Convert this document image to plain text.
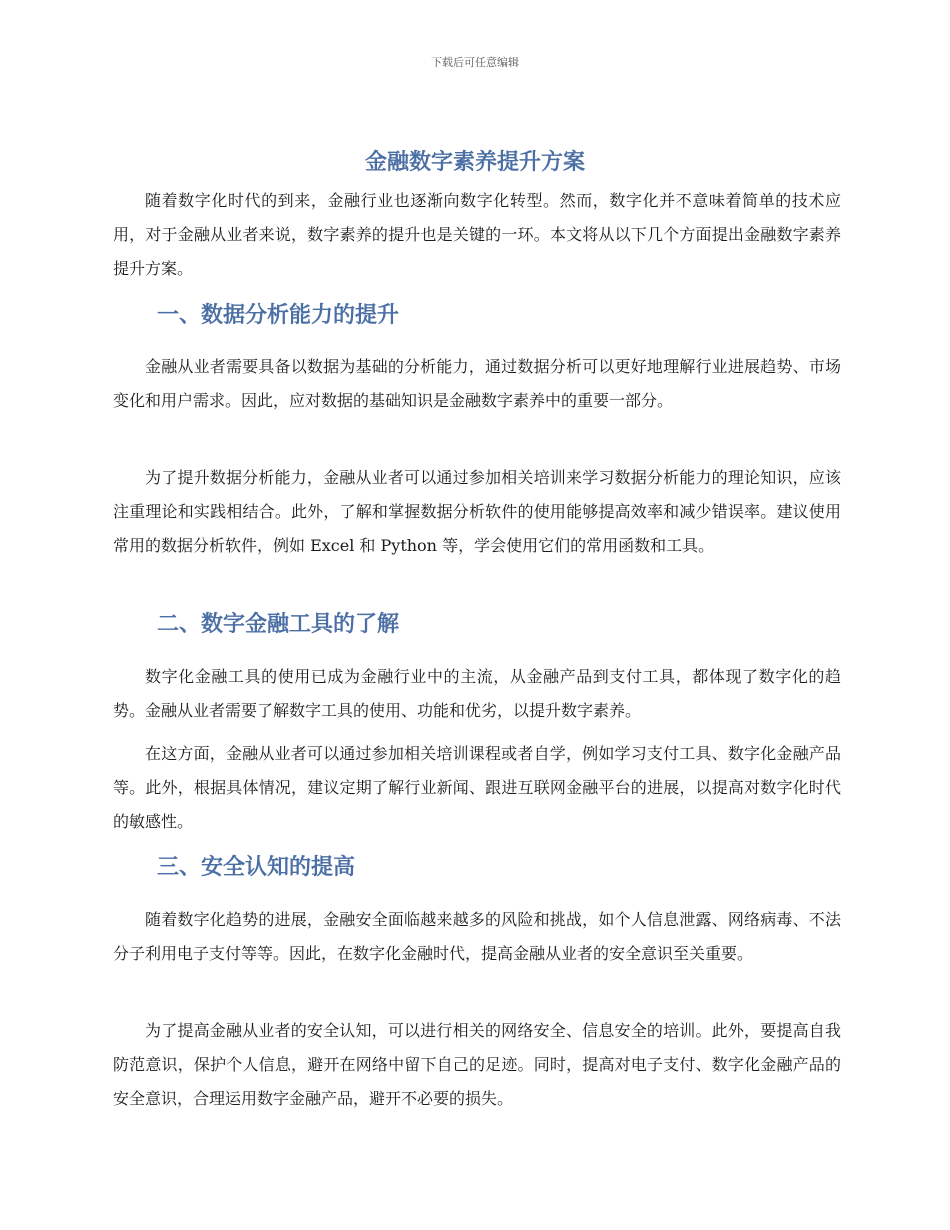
下载后可任意编辑
金融数字素养提升方案

随着数字化时代的到来，金融行业也逐渐向数字化转型。然而，数字化并不意味着简单的技术应用，对于金融从业者来说，数字素养的提升也是关键的一环。本文将从以下几个方面提出金融数字素养提升方案。

一、数据分析能力的提升

金融从业者需要具备以数据为基础的分析能力，通过数据分析可以更好地理解行业进展趋势、市场变化和用户需求。因此，应对数据的基础知识是金融数字素养中的重要一部分。

为了提升数据分析能力，金融从业者可以通过参加相关培训来学习数据分析能力的理论知识，应该注重理论和实践相结合。此外，了解和掌握数据分析软件的使用能够提高效率和减少错误率。建议使用常用的数据分析软件，例如 Excel 和 Python 等，学会使用它们的常用函数和工具。

二、数字金融工具的了解

数字化金融工具的使用已成为金融行业中的主流，从金融产品到支付工具，都体现了数字化的趋势。金融从业者需要了解数字工具的使用、功能和优劣，以提升数字素养。

在这方面，金融从业者可以通过参加相关培训课程或者自学，例如学习支付工具、数字化金融产品等。此外，根据具体情况，建议定期了解行业新闻、跟进互联网金融平台的进展，以提高对数字化时代的敏感性。

三、安全认知的提高

随着数字化趋势的进展，金融安全面临越来越多的风险和挑战，如个人信息泄露、网络病毒、不法分子利用电子支付等等。因此，在数字化金融时代，提高金融从业者的安全意识至关重要。

为了提高金融从业者的安全认知，可以进行相关的网络安全、信息安全的培训。此外，要提高自我防范意识，保护个人信息，避开在网络中留下自己的足迹。同时，提高对电子支付、数字化金融产品的安全意识，合理运用数字金融产品，避开不必要的损失。
